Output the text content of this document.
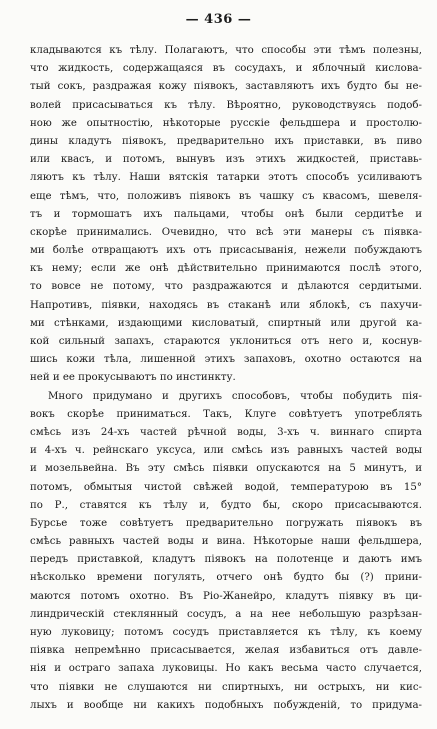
— 436 —
кладываются къ тѣлу. Полагаютъ, что способы эти тѣмъ полезны,
что жидкость, содержащаяся въ сосудахъ, и яблочный кислова-
тый сокъ, раздражая кожу піявокъ, заставляютъ ихъ будто бы не-
волей присасываться къ тѣлу. Вѣроятно, руководствуясь подоб-
ною же опытностію, нѣкоторые русскіе фельдшера и простолю-
дины кладутъ піявокъ, предварительно ихъ приставки, въ пиво
или квасъ, и потомъ, вынувъ изъ этихъ жидкостей, приставь-
ляютъ къ тѣлу. Наши вятскія татарки этотъ способъ усиливаютъ
еще тѣмъ, что, положивъ піявокъ въ чашку съ квасомъ, шевеля-
тъ и тормошатъ ихъ пальцами, чтобы онѣ были сердитѣе и
скорѣе принимались. Очевидно, что всѣ эти манеры съ піявка-
ми болѣе отвращаютъ ихъ отъ присасыванія, нежели побуждаютъ
къ нему; если же онѣ дѣйствительно принимаются послѣ этого,
то вовсе не потому, что раздражаются и дѣлаются сердитыми.
Напротивъ, піявки, находясь въ стаканѣ или яблокѣ, съ пахучи-
ми стѣнками, издающими кисловатый, спиртный или другой ка-
кой сильный запахъ, стараются уклониться отъ него и, коснув-
шись кожи тѣла, лишенной этихъ запаховъ, охотно остаются на
ней и ее прокусываютъ по инстинкту.
Много придумано и другихъ способовъ, чтобы побудить пія-
вокъ скорѣе приниматься. Такъ, Клуге совѣтуетъ употреблять
смѣсь изъ 24-хъ частей рѣчной воды, 3-хъ ч. виннаго спирта
и 4-хъ ч. рейнскаго уксуса, или смѣсь изъ равныхъ частей воды
и мозельвейна. Въ эту смѣсь піявки опускаются на 5 минутъ, и
потомъ, обмытыя чистой свѣжей водой, температурою въ 15°
по Р., ставятся къ тѣлу и, будто бы, скоро присасываются.
Бурсье тоже совѣтуетъ предварительно погружать піявокъ въ
смѣсь равныхъ частей воды и вина. Нѣкоторые наши фельдшера,
передъ приставкой, кладутъ піявокъ на полотенце и даютъ имъ
нѣсколько времени погулять, отчего онѣ будто бы (?) прини-
маются потомъ охотно. Въ Ріо-Жанейро, кладутъ піявку въ ци-
линдрическій стеклянный сосудъ, а на нее небольшую разрѣзан-
ную луковицу; потомъ сосудъ приставляется къ тѣлу, къ коему
піявка непремѣнно присасывается, желая избавиться отъ давле-
нія и остраго запаха луковицы. Но какъ весьма часто случается,
что піявки не слушаются ни спиртныхъ, ни острыхъ, ни кис-
лыхъ и вообще ни какихъ подобныхъ побужденій, то придума-
